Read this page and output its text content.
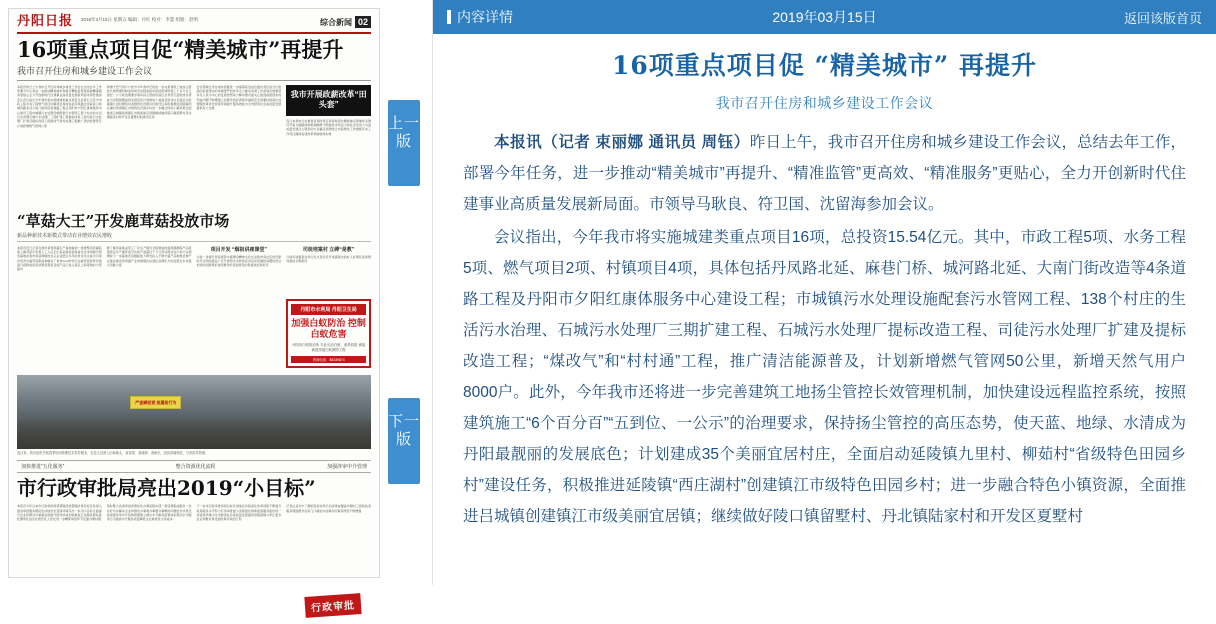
丹阳日报	2019年3月15日 星期五 编辑：丹红 校对：李慧 组版：赵明	综合新闻 02
16项重点项目促“精美城市”再提升
我市召开住房和城乡建设工作会议
本报讯昨日上午我市召开住房和城乡建设工作会议总结去年工作部署今年任务进一步推动精美城市再提升精准监管更高效精准服务更贴心全力开创新时代住建事业高质量发展新局面市领导参加会议会议指出今年我市将实施城建类重点项目总投资亿元其中市政工程水务工程燃气项目村镇项目具体包括丹凤路北延麻巷门桥城河路北延大南门街改造等道路工程及丹阳市夕阳红康体服务中心建设工程市城镇污水处理设施配套污水管网工程个村庄的生活污水治理石城污水处理厂三期扩建工程提标改造工程司徒污水处理厂扩建及提标改造工程煤改气和村村通工程推广清洁能源普及计划新增燃气管网公里
新增天然气用户户此外今年我市还将进一步完善建筑工地扬尘管控长效管理机制加快建设远程监控系统按照建筑施工个百分百五到位一公示的治理要求保持扬尘管控的高压态势使天蓝地绿水清成为丹阳最靓丽的发展底色计划建成个美丽宜居村庄全面启动延陵镇九里村柳茹村省级特色田园乡村建设任务积极推进延陵镇西庄湖村创建镇江市级特色田园乡村进一步融合特色小镇资源全面推进吕城镇创建镇江市级美丽宜居镇继续做好陵口镇留墅村丹北镇陆家村和开发区夏墅村的建设任务
会议强调全市住建系统要进一步提高政治站位强化责任担当以更高的标准更实的举措更严的作风全力推动各项工作落地见效要坚持以人民为中心的发展思想着力解决群众最关心最直接最现实的利益问题不断增强人民群众的获得感幸福感安全感要持续深化放管服改革优化营商环境提升服务效能为全市经济社会高质量发展提供有力支撑
我市开展政薪改革“田头套”
连日来我市扎实推进各项改革任务落地落实聚焦重点领域和关键环节着力破除体制机制障碍不断激发市场活力和社会创造力为高质量发展注入强劲动力各镇区街道结合实际细化工作措施压实工作责任确保各项改革举措取得实效
“草菇大王”开发鹿茸菇投放市场
新品种新技术新模式带动农业增效农民增收
本报讯近日记者在我市某食用菌生产基地看到一排排整齐的菌菇架上鹿茸菇长势喜人工人们正忙着采摘包装准备发往市场据介绍该基地是我市草菇种植的龙头企业经过多年的技术攻关成功引进并培育出鹿茸菇新品种填补了我市food市场空白鹿茸菇营养价值高口感鲜美深受消费者喜爱目前产品已进入南京上海等地的大型超市
据了解该基地采用工厂化生产模式全程智能控温控湿确保产品质量稳定年产鹿茸菇可达吨产值超过千万元带动周边农户余户实现增收下一步基地还将继续加大研发投入不断丰富产品种类延伸产业链条推动食用菌产业向规模化标准化品牌化方向发展为乡村振兴贡献力量
项目开发 “烟祖讲座课堂”
为进一步提升居民素养丰富群众精神文化生活我市各社区依托新时代文明实践站广泛开展形式多样的宣讲活动用通俗易懂的语言把党的创新理论讲给群众听受到居民的普遍欢迎和好评
司徒培案村 立碑“是教”
日前司徒镇某村举行仪式表彰近年来涌现出的好人好事弘扬崇德向善的文明新风
丹阳市水利局 丹阳卫生局
加强白蚁防治 控制白蚁危害
丹阳市白蚁防治所 专业灭治白蚁、消杀四害 承接新建房屋白蚁预防工程
咨询电话：86339874
严查瞒报谎 报漏报行为
连日来，我市组织开展春季田间管理技术指导服务，农技人员深入田间地头，查苗情、查墒情、查病虫，因苗因墒制宜，分类指导管理。
加快推进“五化服务”	整合资源优化流程	加强涉审中介管理
市行政审批局亮出2019“小目标”
本报讯今年以来市行政审批局紧紧围绕放管服改革目标任务深入推进审批服务便民化持续优化营商环境亮出一系列小目标全面提升企业和群众办事满意度据介绍该局将加快推进五化服务即标准化便利化信息化规范化人性化进一步精简审批环节压缩办理时限
同时整合各类审批资源优化办事流程实现一窗受理集成服务一次办好切实解决企业和群众办事难办事慢办事繁的问题此外该局还将加强涉审中介机构管理建立健全中介服务监管体系规范中介服务行为提高中介服务质量降低企业制度性交易成本
下一步市行政审批局将对标先进地区持续深化改革创新不断提升政务服务水平努力打造审批最少流程最优效率最高服务最好的一流营商环境为全市经济社会高质量发展提供坚强保障力争让更多企业和群众享受到改革带来的红利
记者在采访中了解到目前该局已初步建成覆盖市镇村三级的政务服务网络群众在家门口就能办成事办好事获得感不断增强
行政审批
上一版
下一版
内容详情	2019年03月15日	返回该版首页
16项重点项目促 “精美城市” 再提升
我市召开住房和城乡建设工作会议

本报讯（记者 束丽娜 通讯员 周钰）昨日上午，我市召开住房和城乡建设工作会议，总结去年工作，部署今年任务，进一步推动“精美城市”再提升、“精准监管”更高效、“精准服务”更贴心，全力开创新时代住建事业高质量发展新局面。市领导马耿良、符卫国、沈留海参加会议。

会议指出，今年我市将实施城建类重点项目16项，总投资15.54亿元。其中，市政工程5项、水务工程5项、燃气项目2项、村镇项目4项，具体包括丹凤路北延、麻巷门桥、城河路北延、大南门街改造等4条道路工程及丹阳市夕阳红康体服务中心建设工程；市城镇污水处理设施配套污水管网工程、138个村庄的生活污水治理、石城污水处理厂三期扩建工程、石城污水处理厂提标改造工程、司徒污水处理厂扩建及提标改造工程；“煤改气”和“村村通”工程，推广清洁能源普及，计划新增燃气管网50公里，新增天然气用户8000户。此外，今年我市还将进一步完善建筑工地扬尘管控长效管理机制，加快建设远程监控系统，按照建筑施工“6个百分百”“五到位、一公示”的治理要求，保持扬尘管控的高压态势，使天蓝、地绿、水清成为丹阳最靓丽的发展底色；计划建成35个美丽宜居村庄，全面启动延陵镇九里村、柳茹村“省级特色田园乡村”建设任务，积极推进延陵镇“西庄湖村”创建镇江市级特色田园乡村；进一步融合特色小镇资源，全面推进吕城镇创建镇江市级美丽宜居镇；继续做好陵口镇留墅村、丹北镇陆家村和开发区夏墅村
